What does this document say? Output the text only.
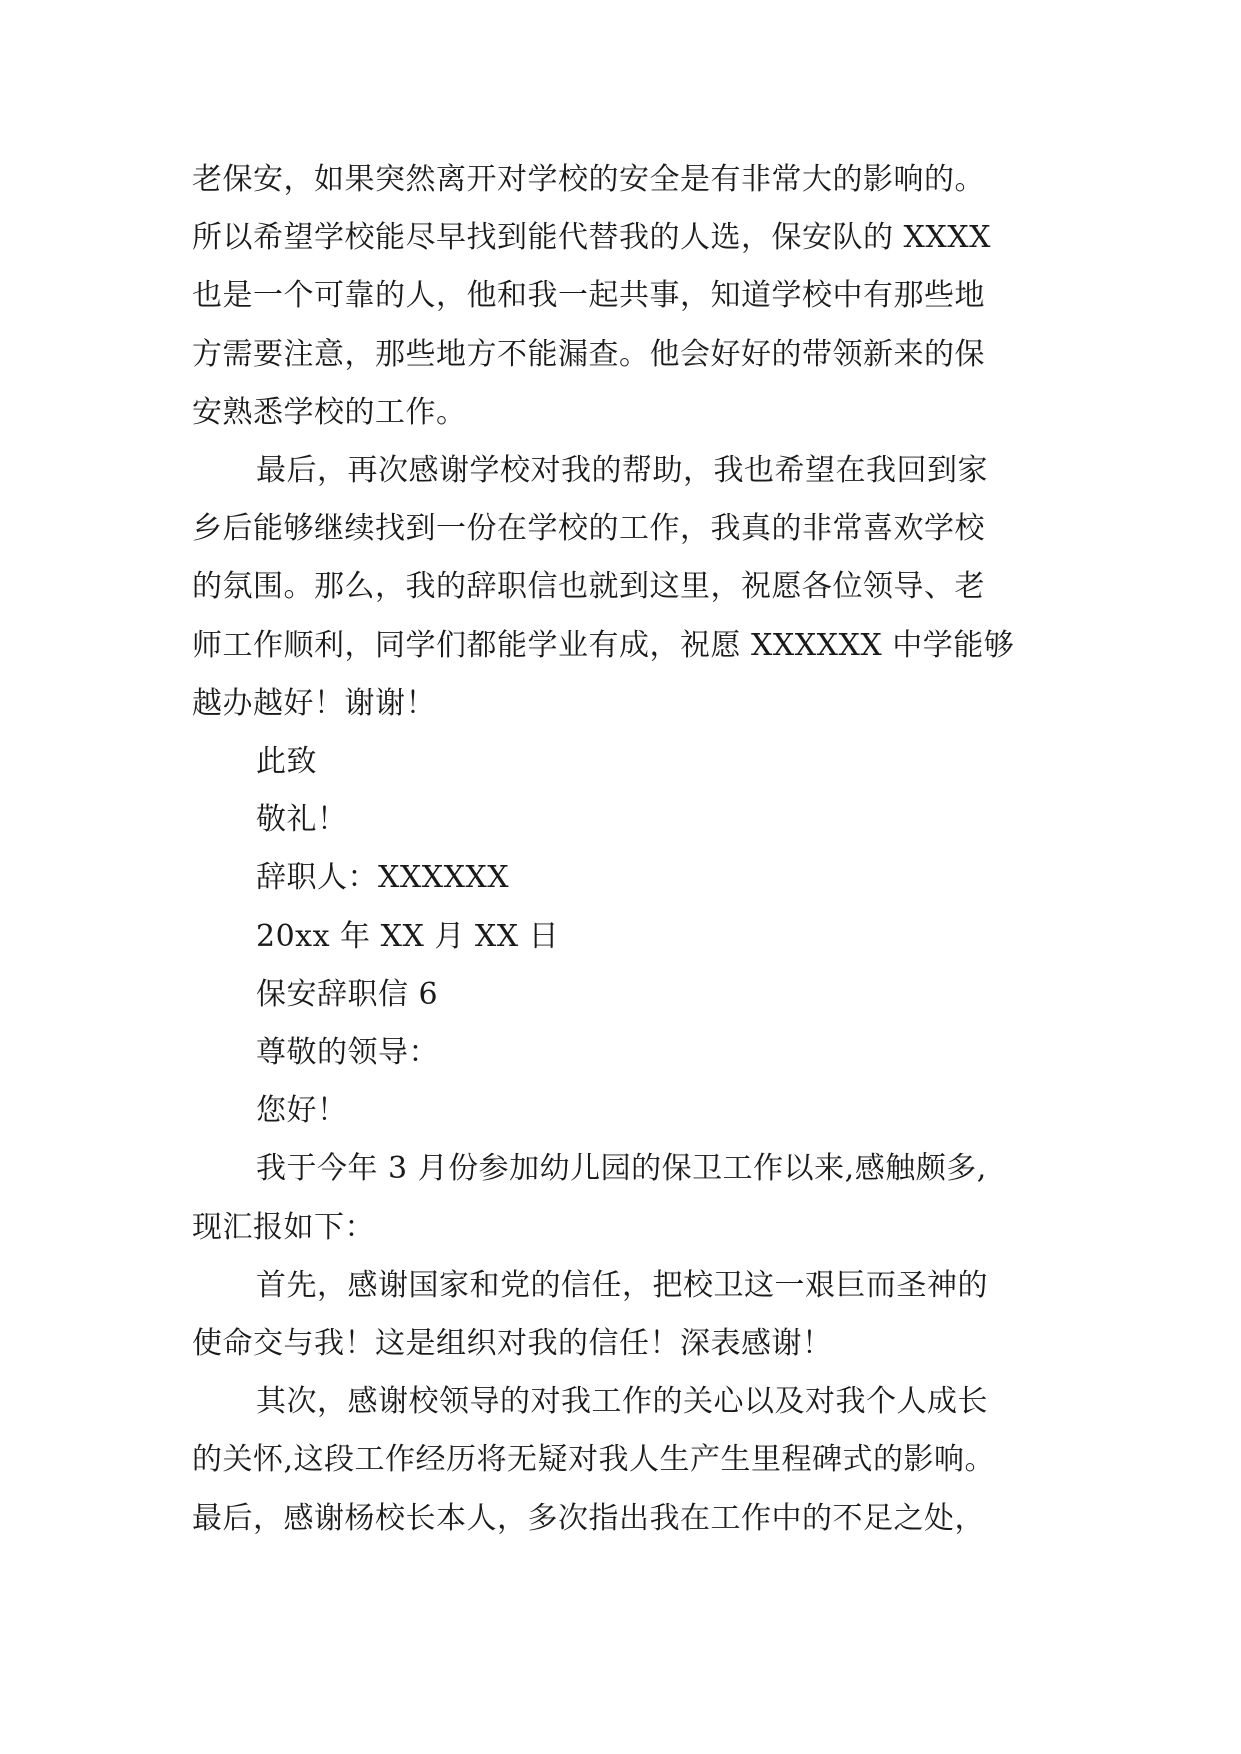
老保安，如果突然离开对学校的安全是有非常大的影响的。
所以希望学校能尽早找到能代替我的人选，保安队的 XXXX
也是一个可靠的人，他和我一起共事，知道学校中有那些地
方需要注意，那些地方不能漏查。他会好好的带领新来的保
安熟悉学校的工作。
最后，再次感谢学校对我的帮助，我也希望在我回到家
乡后能够继续找到一份在学校的工作，我真的非常喜欢学校
的氛围。那么，我的辞职信也就到这里，祝愿各位领导、老
师工作顺利，同学们都能学业有成，祝愿 XXXXXX 中学能够
越办越好！谢谢！
此致
敬礼！
辞职人：XXXXXX
20xx 年 XX 月 XX 日
保安辞职信 6
尊敬的领导：
您好！
我于今年 3 月份参加幼儿园的保卫工作以来,感触颇多,
现汇报如下：
首先，感谢国家和党的信任，把校卫这一艰巨而圣神的
使命交与我！这是组织对我的信任！深表感谢！
其次，感谢校领导的对我工作的关心以及对我个人成长
的关怀,这段工作经历将无疑对我人生产生里程碑式的影响。
最后，感谢杨校长本人，多次指出我在工作中的不足之处，
